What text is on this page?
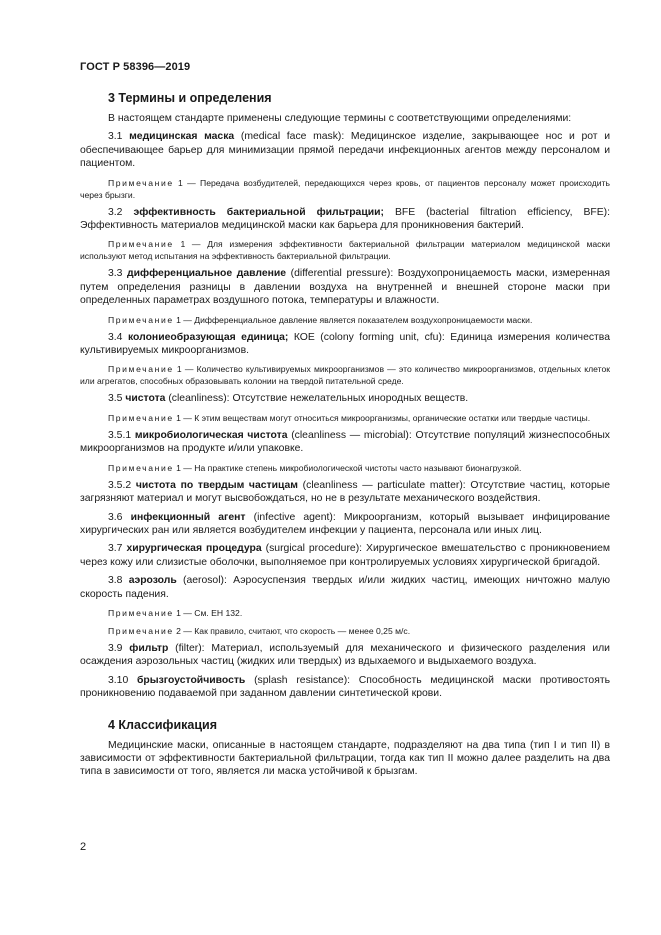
ГОСТ Р 58396—2019
3 Термины и определения

В настоящем стандарте применены следующие термины с соответствующими определениями:

3.1 медицинская маска (medical face mask): Медицинское изделие, закрывающее нос и рот и обеспечивающее барьер для минимизации прямой передачи инфекционных агентов между персоналом и пациентом.

Примечание 1 — Передача возбудителей, передающихся через кровь, от пациентов персоналу может происходить через брызги.

3.2 эффективность бактериальной фильтрации; BFE (bacterial filtration efficiency, BFE): Эффективность материалов медицинской маски как барьера для проникновения бактерий.

Примечание 1 — Для измерения эффективности бактериальной фильтрации материалом медицинской маски используют метод испытания на эффективность бактериальной фильтрации.

3.3 дифференциальное давление (differential pressure): Воздухопроницаемость маски, измеренная путем определения разницы в давлении воздуха на внутренней и внешней стороне маски при определенных параметрах воздушного потока, температуры и влажности.

Примечание 1 — Дифференциальное давление является показателем воздухопроницаемости маски.

3.4 колониеобразующая единица; КОЕ (colony forming unit, cfu): Единица измерения количества культивируемых микроорганизмов.

Примечание 1 — Количество культивируемых микроорганизмов — это количество микроорганизмов, отдельных клеток или агрегатов, способных образовывать колонии на твердой питательной среде.

3.5 чистота (cleanliness): Отсутствие нежелательных инородных веществ.

Примечание 1 — К этим веществам могут относиться микроорганизмы, органические остатки или твердые частицы.

3.5.1 микробиологическая чистота (cleanliness — microbial): Отсутствие популяций жизнеспособных микроорганизмов на продукте и/или упаковке.

Примечание 1 — На практике степень микробиологической чистоты часто называют бионагрузкой.

3.5.2 чистота по твердым частицам (cleanliness — particulate matter): Отсутствие частиц, которые загрязняют материал и могут высвобождаться, но не в результате механического воздействия.

3.6 инфекционный агент (infective agent): Микроорганизм, который вызывает инфицирование хирургических ран или является возбудителем инфекции у пациента, персонала или иных лиц.

3.7 хирургическая процедура (surgical procedure): Хирургическое вмешательство с проникновением через кожу или слизистые оболочки, выполняемое при контролируемых условиях хирургической бригадой.

3.8 аэрозоль (aerosol): Аэросуспензия твердых и/или жидких частиц, имеющих ничтожно малую скорость падения.

Примечание 1 — См. ЕН 132.

Примечание 2 — Как правило, считают, что скорость — менее 0,25 м/с.

3.9 фильтр (filter): Материал, используемый для механического и физического разделения или осаждения аэрозольных частиц (жидких или твердых) из вдыхаемого и выдыхаемого воздуха.

3.10 брызгоустойчивость (splash resistance): Способность медицинской маски противостоять проникновению подаваемой при заданном давлении синтетической крови.

4 Классификация

Медицинские маски, описанные в настоящем стандарте, подразделяют на два типа (тип I и тип II) в зависимости от эффективности бактериальной фильтрации, тогда как тип II можно далее разделить на два типа в зависимости от того, является ли маска устойчивой к брызгам.

2
